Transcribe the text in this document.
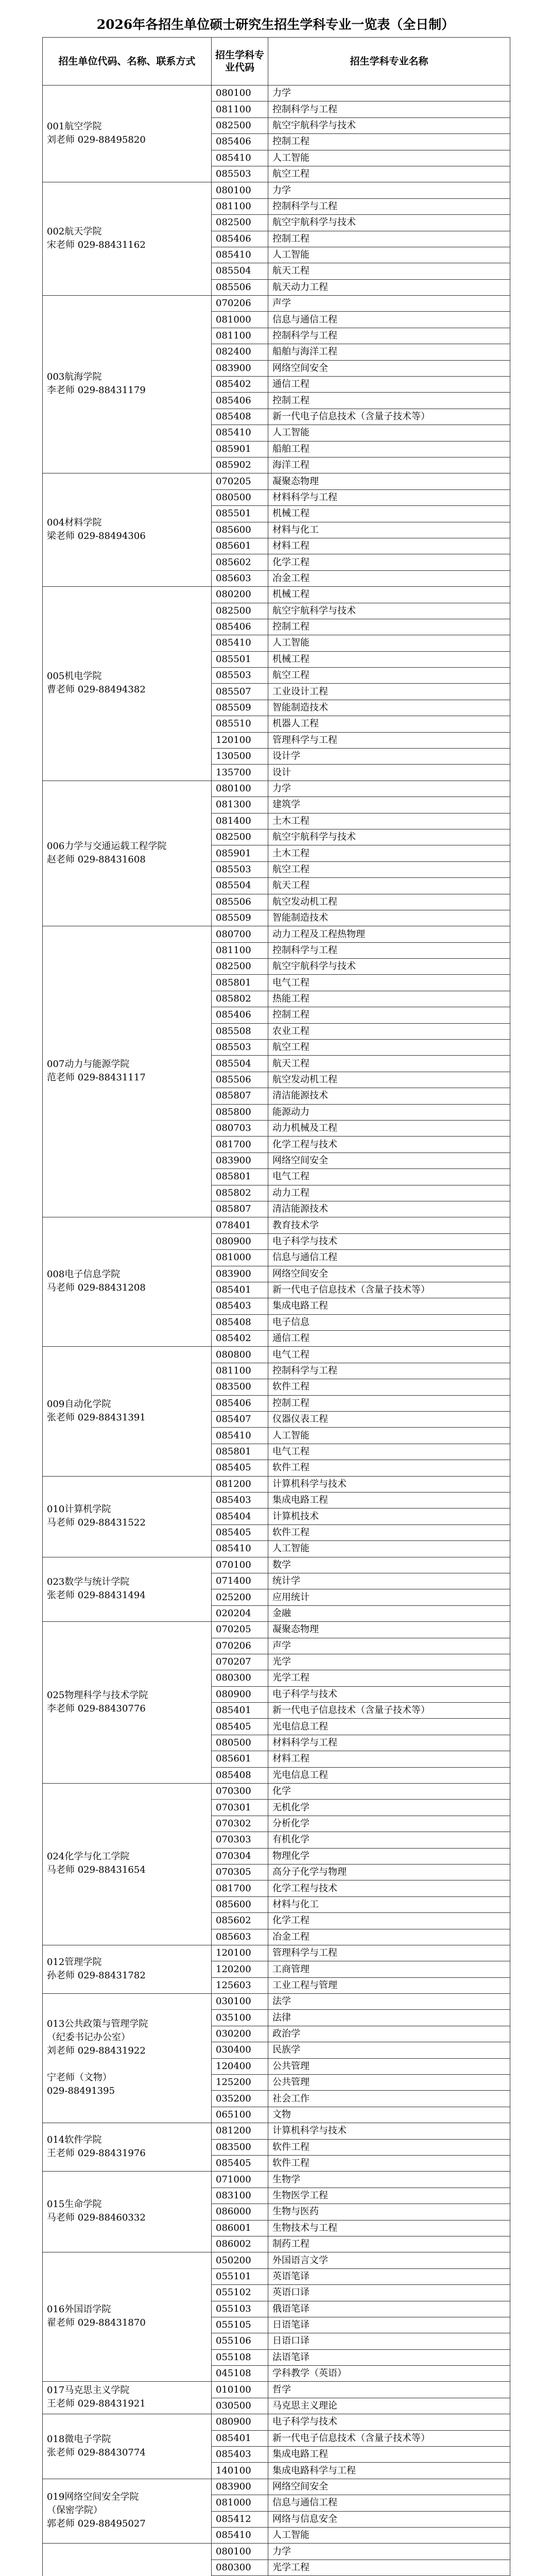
2026年各招生单位硕士研究生招生学科专业一览表（全日制）
招生单位代码、名称、联系方式	招生学科专业代码	招生学科专业名称

001航空学院
刘老师 029-88495820	080100	力学
	081100	控制科学与工程
	082500	航空宇航科学与技术
	085406	控制工程
	085410	人工智能
	085503	航空工程

002航天学院
宋老师 029-88431162	080100	力学
	081100	控制科学与工程
	082500	航空宇航科学与技术
	085406	控制工程
	085410	人工智能
	085504	航天工程
	085506	航天动力工程

003航海学院
李老师 029-88431179	070206	声学
	081000	信息与通信工程
	081100	控制科学与工程
	082400	船舶与海洋工程
	083900	网络空间安全
	085402	通信工程
	085406	控制工程
	085408	新一代电子信息技术（含量子技术等）
	085410	人工智能
	085901	船舶工程
	085902	海洋工程

004材料学院
梁老师 029-88494306	070205	凝聚态物理
	080500	材料科学与工程
	085501	机械工程
	085600	材料与化工
	085601	材料工程
	085602	化学工程
	085603	冶金工程

005机电学院
曹老师 029-88494382	080200	机械工程
	082500	航空宇航科学与技术
	085406	控制工程
	085410	人工智能
	085501	机械工程
	085503	航空工程
	085507	工业设计工程
	085509	智能制造技术
	085510	机器人工程
	120100	管理科学与工程
	130500	设计学
	135700	设计

006力学与交通运载工程学院
赵老师 029-88431608	080100	力学
	081300	建筑学
	081400	土木工程
	082500	航空宇航科学与技术
	085901	土木工程
	085503	航空工程
	085504	航天工程
	085506	航空发动机工程
	085509	智能制造技术

007动力与能源学院
范老师 029-88431117	080700	动力工程及工程热物理
	081100	控制科学与工程
	082500	航空宇航科学与技术
	085801	电气工程
	085802	热能工程
	085406	控制工程
	085508	农业工程
	085503	航空工程
	085504	航天工程
	085506	航空发动机工程
	085807	清洁能源技术
	085800	能源动力
	080703	动力机械及工程
	081700	化学工程与技术
	083900	网络空间安全
	085801	电气工程
	085802	动力工程
	085807	清洁能源技术

008电子信息学院
马老师 029-88431208	078401	教育技术学
	080900	电子科学与技术
	081000	信息与通信工程
	083900	网络空间安全
	085401	新一代电子信息技术（含量子技术等）
	085403	集成电路工程
	085408	电子信息
	085402	通信工程

009自动化学院
张老师 029-88431391	080800	电气工程
	081100	控制科学与工程
	083500	软件工程
	085406	控制工程
	085407	仪器仪表工程
	085410	人工智能
	085801	电气工程
	085405	软件工程

010计算机学院
马老师 029-88431522	081200	计算机科学与技术
	085403	集成电路工程
	085404	计算机技术
	085405	软件工程
	085410	人工智能

023数学与统计学院
张老师 029-88431494	070100	数学
	071400	统计学
	025200	应用统计
	020204	金融

025物理科学与技术学院
李老师 029-88430776	070205	凝聚态物理
	070206	声学
	070207	光学
	080300	光学工程
	080900	电子科学与技术
	085401	新一代电子信息技术（含量子技术等）
	085405	光电信息工程
	080500	材料科学与工程
	085601	材料工程
	085408	光电信息工程

024化学与化工学院
马老师 029-88431654	070300	化学
	070301	无机化学
	070302	分析化学
	070303	有机化学
	070304	物理化学
	070305	高分子化学与物理
	081700	化学工程与技术
	085600	材料与化工
	085602	化学工程
	085603	冶金工程

012管理学院
孙老师 029-88431782	120100	管理科学与工程
	120200	工商管理
	125603	工业工程与管理

013公共政策与管理学院
（纪委书记办公室）
刘老师 029-88431922
宁老师（文物）
029-88491395	030100	法学
	035100	法律
	030200	政治学
	030400	民族学
	120400	公共管理
	125200	公共管理
	035200	社会工作
	065100	文物

014软件学院
王老师 029-88431976	081200	计算机科学与技术
	083500	软件工程
	085405	软件工程

015生命学院
马老师 029-88460332	071000	生物学
	083100	生物医学工程
	086000	生物与医药
	086001	生物技术与工程
	086002	制药工程

016外国语学院
翟老师 029-88431870	050200	外国语言文学
	055101	英语笔译
	055102	英语口译
	055103	俄语笔译
	055105	日语笔译
	055106	日语口译
	055108	法语笔译
	045108	学科教学（英语）

017马克思主义学院
王老师 029-88431921	010100	哲学
	030500	马克思主义理论

018微电子学院
张老师 029-88430774	080900	电子科学与技术
	085401	新一代电子信息技术（含量子技术等）
	085403	集成电路工程
	140100	集成电路科学与工程

019网络空间安全学院
（保密学院）
郭老师 029-88495027	083900	网络空间安全
	081000	信息与通信工程
	085412	网络与信息安全
	085410	人工智能

	080100	力学
	080300	光学工程
